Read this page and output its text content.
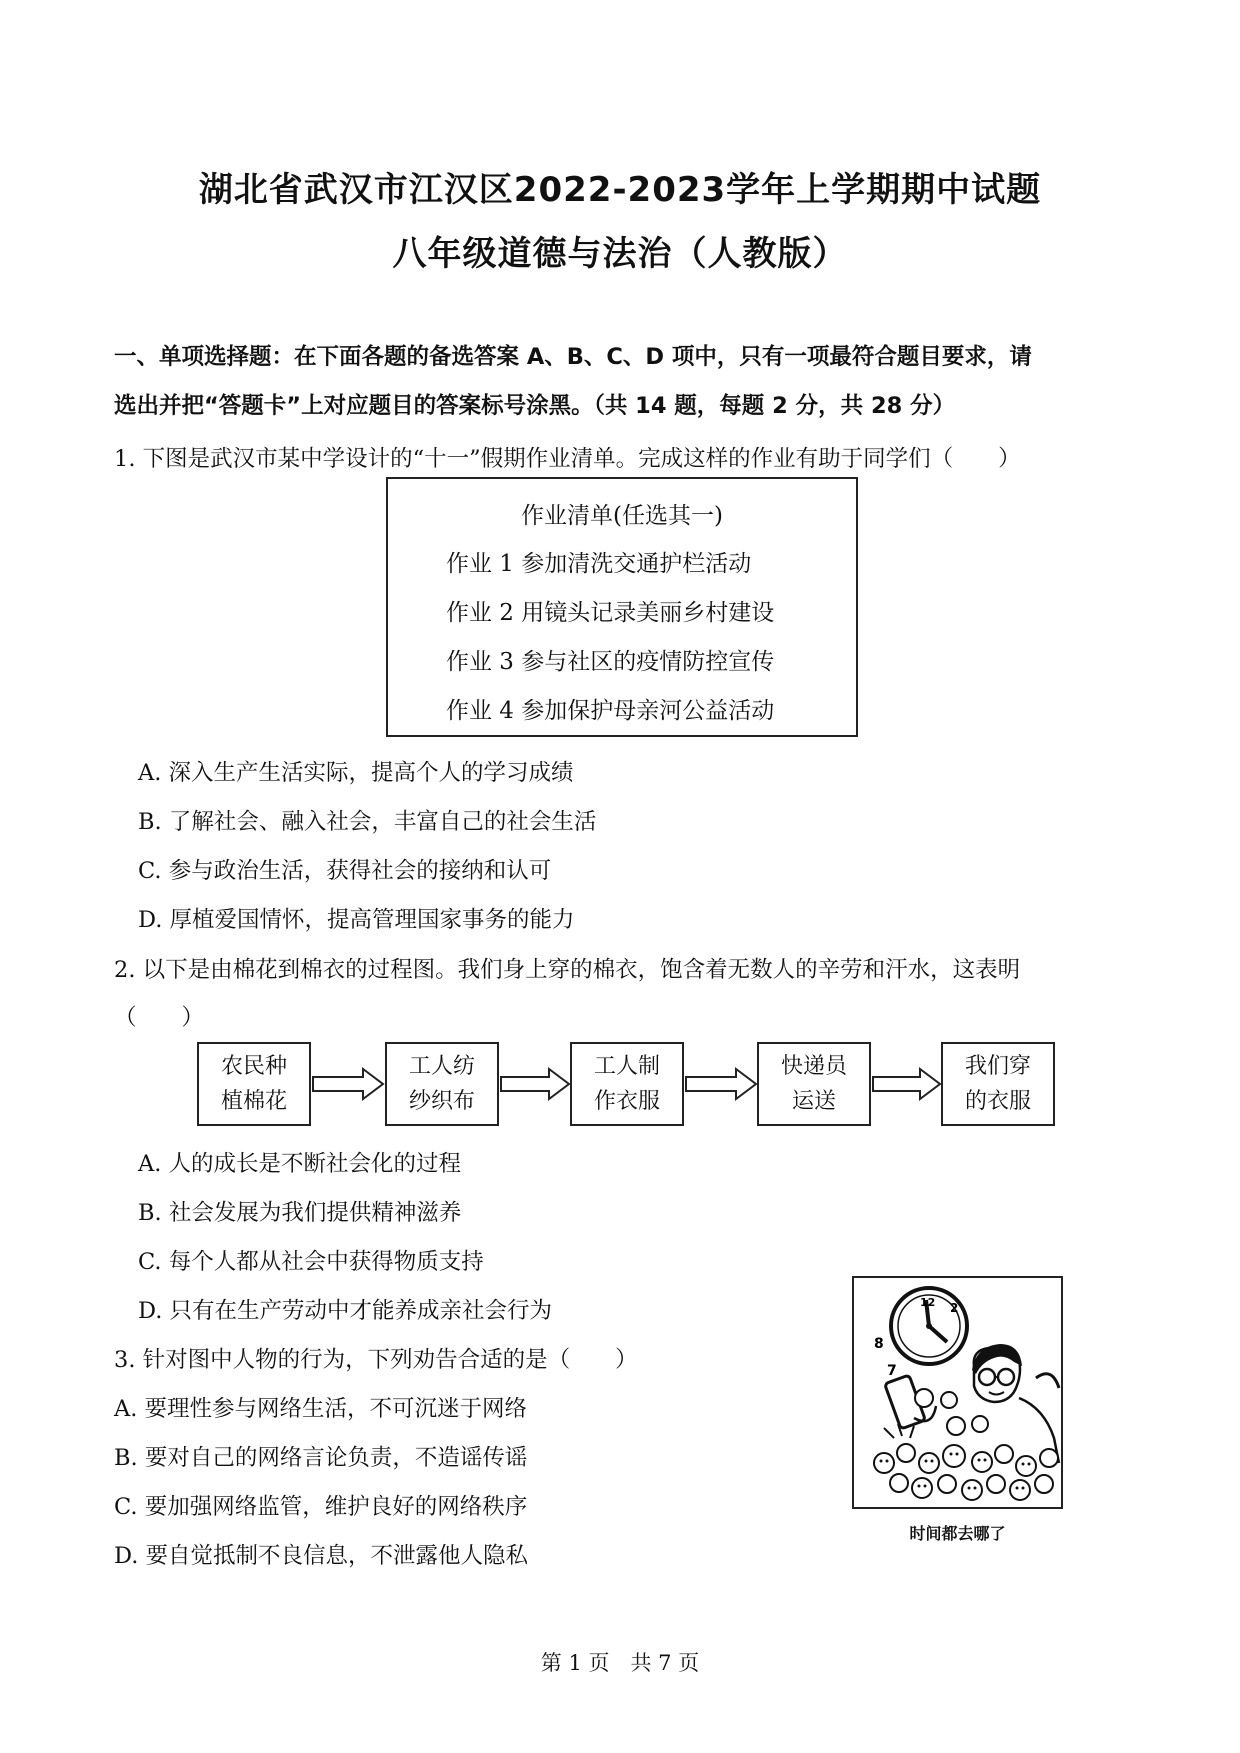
湖北省武汉市江汉区2022-2023学年上学期期中试题
八年级道德与法治（人教版）
一、单项选择题：在下面各题的备选答案 A、B、C、D 项中，只有一项最符合题目要求，请
选出并把“答题卡”上对应题目的答案标号涂黑。（共 14 题，每题 2 分，共 28 分）
1. 下图是武汉市某中学设计的“十一”假期作业清单。完成这样的作业有助于同学们（　　）
作业清单(任选其一)
作业 1 参加清洗交通护栏活动
作业 2 用镜头记录美丽乡村建设
作业 3 参与社区的疫情防控宣传
作业 4 参加保护母亲河公益活动
A. 深入生产生活实际，提高个人的学习成绩
B. 了解社会、融入社会，丰富自己的社会生活
C. 参与政治生活，获得社会的接纳和认可
D. 厚植爱国情怀，提高管理国家事务的能力
2. 以下是由棉花到棉衣的过程图。我们身上穿的棉衣，饱含着无数人的辛劳和汗水，这表明
（　　）
农民种
植棉花
工人纺
纱织布
工人制
作衣服
快递员
运送
我们穿
的衣服
A. 人的成长是不断社会化的过程
B. 社会发展为我们提供精神滋养
C. 每个人都从社会中获得物质支持
D. 只有在生产劳动中才能养成亲社会行为
3. 针对图中人物的行为，下列劝告合适的是（　　）
A. 要理性参与网络生活，不可沉迷于网络
B. 要对自己的网络言论负责，不造谣传谣
C. 要加强网络监管，维护良好的网络秩序
D. 要自觉抵制不良信息，不泄露他人隐私
12 2
8
7
时间都去哪了
第 1 页　共 7 页
